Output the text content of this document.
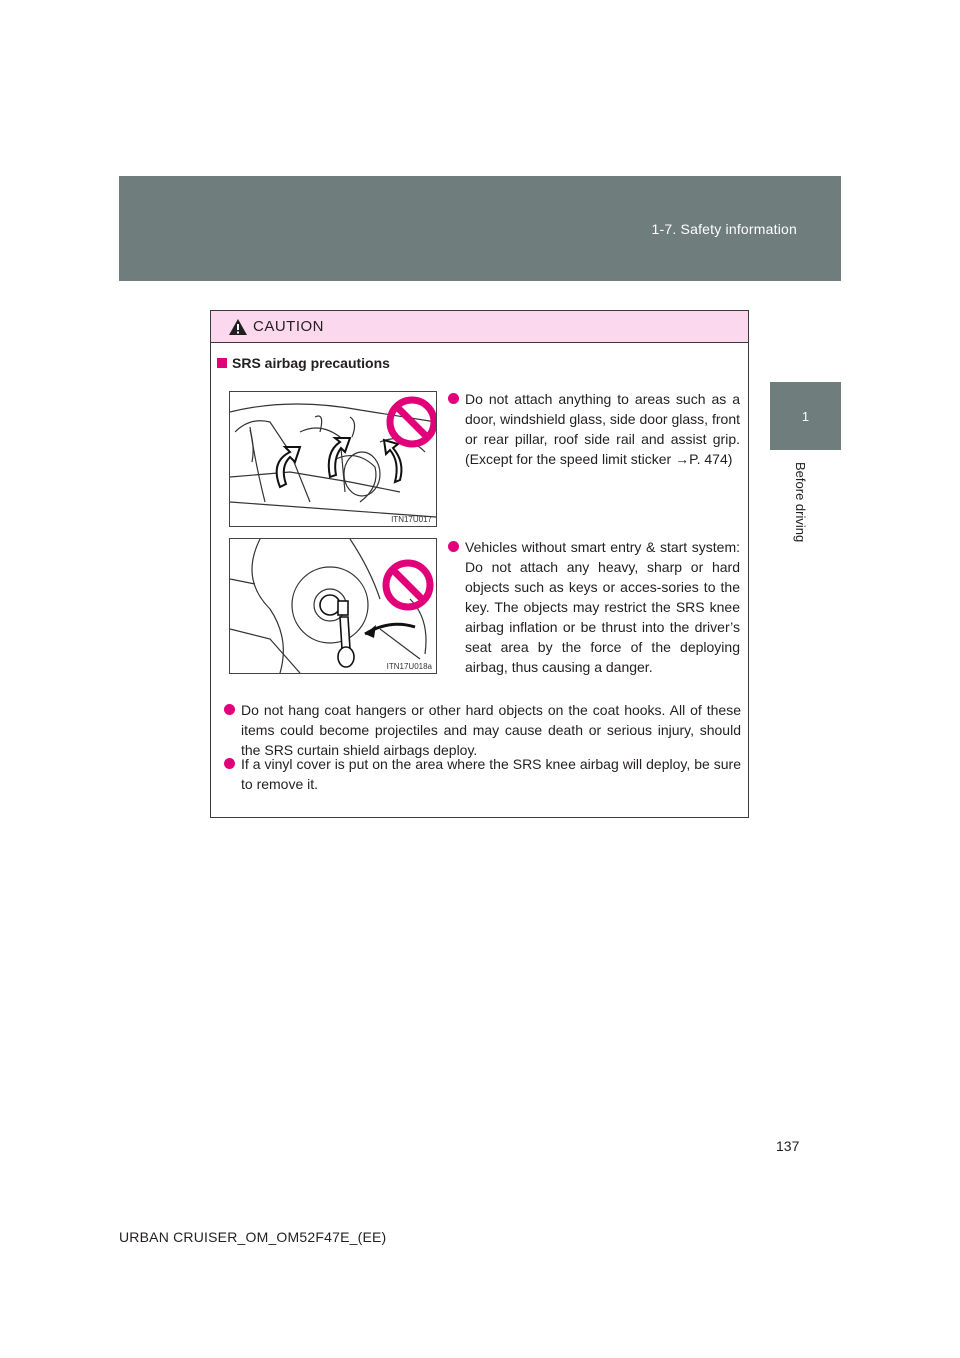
1-7. Safety information
1
Before driving
CAUTION
SRS airbag precautions
ITN17U017
ITN17U018a
Do not attach anything to areas such as a door, windshield glass, side door glass, front or rear pillar, roof side rail and assist grip. (Except for the speed limit sticker →P. 474)
Vehicles without smart entry & start system: Do not attach any heavy, sharp or hard objects such as keys or acces-sories to the key. The objects may restrict the SRS knee airbag inflation or be thrust into the driver’s seat area by the force of the deploying airbag, thus causing a danger.
Do not hang coat hangers or other hard objects on the coat hooks. All of these items could become projectiles and may cause death or serious injury, should the SRS curtain shield airbags deploy.
If a vinyl cover is put on the area where the SRS knee airbag will deploy, be sure to remove it.
137
URBAN CRUISER_OM_OM52F47E_(EE)
